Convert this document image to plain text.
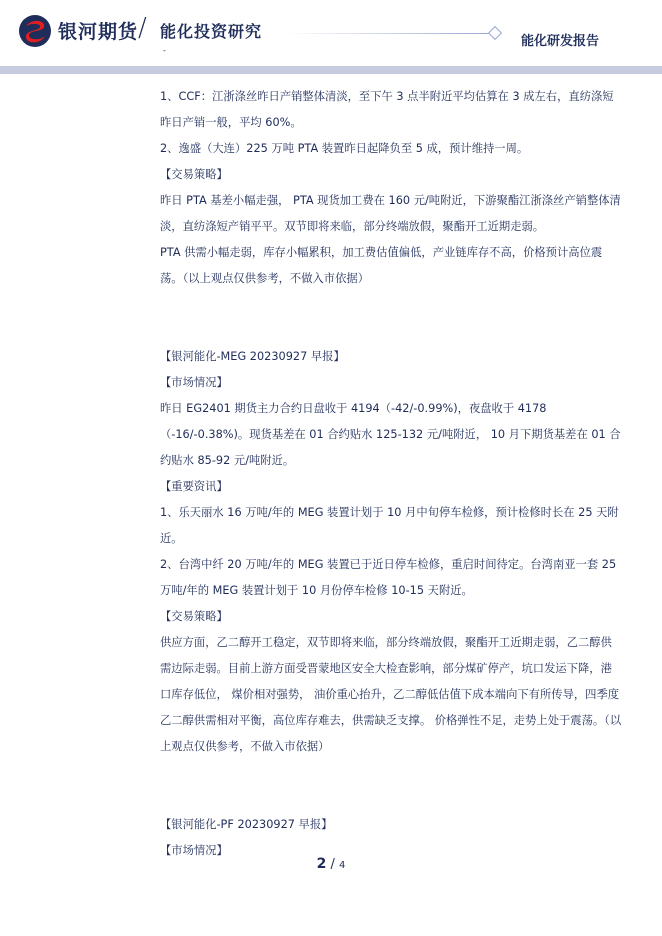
银河期货 / 能化投资研究
能化研发报告
-

1、CCF：江浙涤丝昨日产销整体清淡，至下午 3 点半附近平均估算在 3 成左右，直纺涤短昨日产销一般，平均 60%。

2、逸盛（大连）225 万吨 PTA 装置昨日起降负至 5 成，预计维持一周。

【交易策略】

昨日 PTA 基差小幅走强， PTA 现货加工费在 160 元/吨附近，下游聚酯江浙涤丝产销整体清淡，直纺涤短产销平平。双节即将来临，部分终端放假，聚酯开工近期走弱。

PTA 供需小幅走弱，库存小幅累积，加工费估值偏低，产业链库存不高，价格预计高位震荡。（以上观点仅供参考，不做入市依据）

【银河能化-MEG 20230927 早报】

【市场情况】

昨日 EG2401 期货主力合约日盘收于 4194（-42/-0.99%)，夜盘收于 4178（-16/-0.38%)。现货基差在 01 合约贴水 125-132 元/吨附近， 10 月下期货基差在 01 合约贴水 85-92 元/吨附近。

【重要资讯】

1、乐天丽水 16 万吨/年的 MEG 装置计划于 10 月中旬停车检修，预计检修时长在 25 天附近。

2、台湾中纤 20 万吨/年的 MEG 装置已于近日停车检修，重启时间待定。台湾南亚一套 25 万吨/年的 MEG 装置计划于 10 月份停车检修 10-15 天附近。

【交易策略】

供应方面，乙二醇开工稳定，双节即将来临，部分终端放假，聚酯开工近期走弱，乙二醇供需边际走弱。目前上游方面受晋蒙地区安全大检查影响，部分煤矿停产，坑口发运下降，港口库存低位， 煤价相对强势， 油价重心抬升，乙二醇低估值下成本端向下有所传导，四季度乙二醇供需相对平衡，高位库存难去，供需缺乏支撑。 价格弹性不足，走势上处于震荡。（以上观点仅供参考，不做入市依据）

【银河能化-PF 20230927 早报】

【市场情况】

2 / 4
